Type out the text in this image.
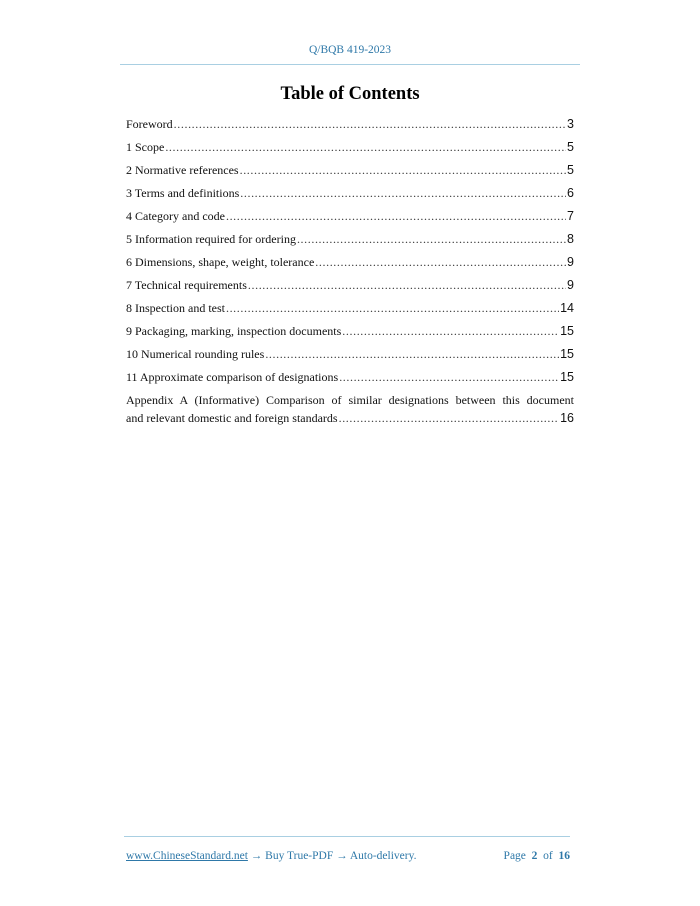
Q/BQB 419-2023
Table of Contents
Foreword .....	3
1 Scope .....	5
2 Normative references .....	5
3 Terms and definitions .....	6
4 Category and code .....	7
5 Information required for ordering .....	8
6 Dimensions, shape, weight, tolerance .....	9
7 Technical requirements .....	9
8 Inspection and test .....	14
9 Packaging, marking, inspection documents .....	15
10 Numerical rounding rules .....	15
11 Approximate comparison of designations .....	15
Appendix A (Informative) Comparison of similar designations between this document
and relevant domestic and foreign standards .....	16
www.ChineseStandard.net → Buy True-PDF → Auto-delivery.	Page 2 of 16
